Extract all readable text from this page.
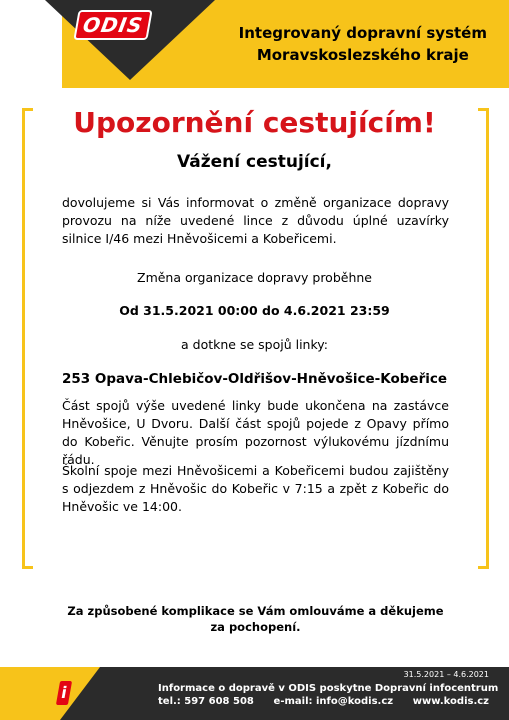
ODIS	Integrovaný dopravní systém
Moravskoslezského kraje
Upozornění cestujícím!
Vážení cestující,
dovolujeme si Vás informovat o změně organizace dopravy provozu na níže uvedené lince z důvodu úplné uzavírky silnice I/46 mezi Hněvošicemi a Kobeřicemi.
Změna organizace dopravy proběhne
Od 31.5.2021 00:00 do 4.6.2021 23:59
a dotkne se spojů linky:
253 Opava-Chlebičov-Oldřišov-Hněvošice-Kobeřice
Část spojů výše uvedené linky bude ukončena na zastávce Hněvošice, U Dvoru. Další část spojů pojede z Opavy přímo do Kobeřic. Věnujte prosím pozornost výlukovému jízdnímu řádu.
Školní spoje mezi Hněvošicemi a Kobeřicemi budou zajištěny s odjezdem z Hněvošic do Kobeřic v 7:15 a zpět z Kobeřic do Hněvošic ve 14:00.
Za způsobené komplikace se Vám omlouváme a děkujeme za pochopení.
i
31.5.2021 – 4.6.2021
Informace o dopravě v ODIS poskytne Dopravní infocentrum
tel.: 597 608 508 e-mail: info@kodis.cz www.kodis.cz
